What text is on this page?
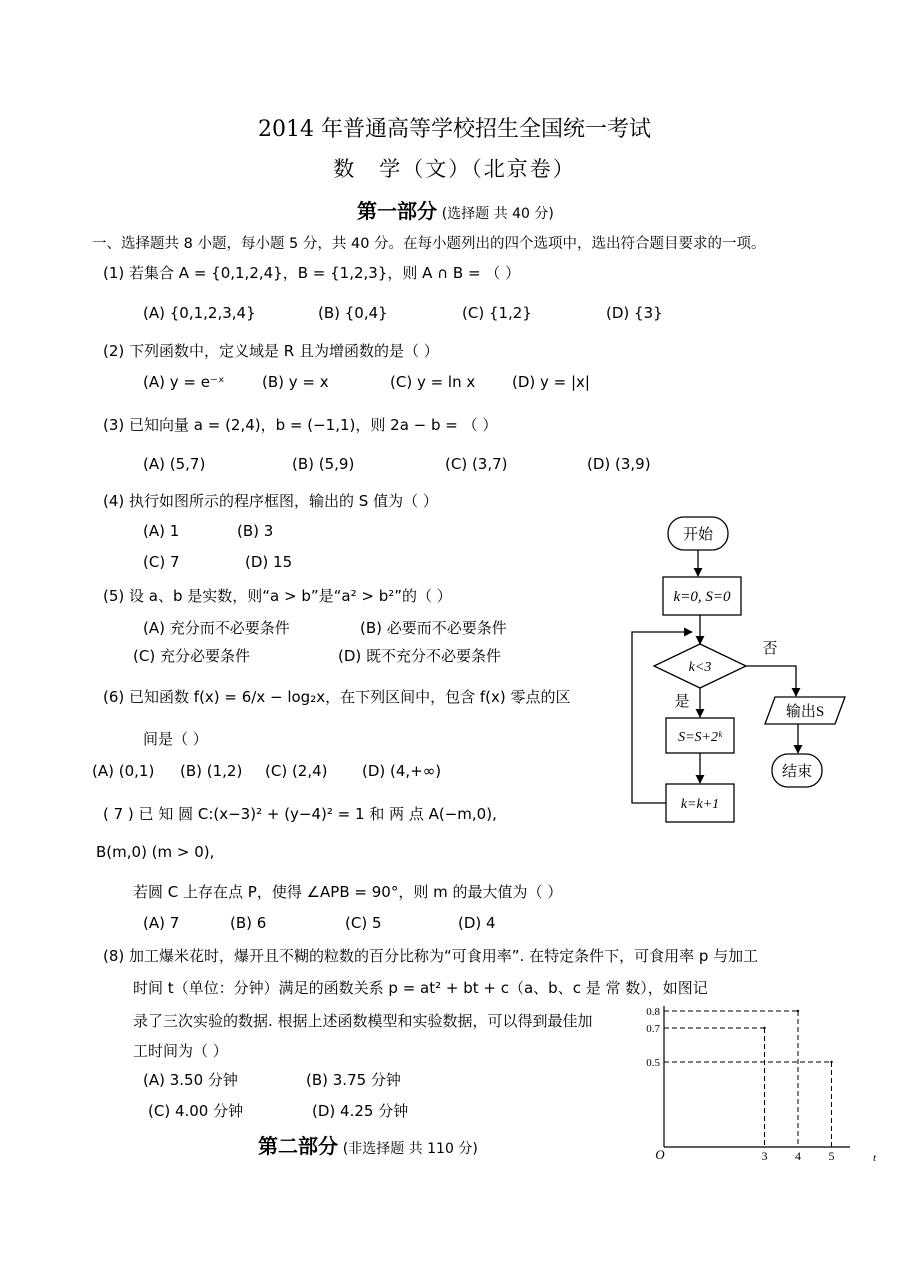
2014 年普通高等学校招生全国统一考试
数　学（文）（北京卷）
第一部分 (选择题 共 40 分)
一、选择题共 8 小题，每小题 5 分，共 40 分。在每小题列出的四个选项中，选出符合题目要求的一项。
(1) 若集合 A = {0,1,2,4}，B = {1,2,3}，则 A ∩ B = （ ）
(A) {0,1,2,3,4}	(B) {0,4}	(C) {1,2}	(D) {3}
(2) 下列函数中，定义域是 R 且为增函数的是（ ）
(A) y = e⁻ˣ (B) y = x	(C) y = ln x (D) y = |x|
(3) 已知向量 a = (2,4)，b = (−1,1)，则 2a − b = （ ）
(A) (5,7)	(B) (5,9)	(C) (3,7)	(D) (3,9)
(4) 执行如图所示的程序框图，输出的 S 值为（ ）
(A) 1	(B) 3
(C) 7	(D) 15
(5) 设 a、b 是实数，则“a > b”是“a² > b²”的（ ）
(A) 充分而不必要条件	(B) 必要而不必要条件
(C) 充分必要条件	(D) 既不充分不必要条件
(6) 已知函数 f(x) = 6/x − log₂x，在下列区间中，包含 f(x) 零点的区
间是（ ）
(A) (0,1) (B) (1,2) (C) (2,4) (D) (4,+∞)
( 7 ) 已 知 圆 C:(x−3)² + (y−4)² = 1 和 两 点 A(−m,0),
B(m,0) (m > 0),
若圆 C 上存在点 P，使得 ∠APB = 90°，则 m 的最大值为（ ）
(A) 7	(B) 6	(C) 5	(D) 4
(8) 加工爆米花时，爆开且不糊的粒数的百分比称为“可食用率”. 在特定条件下，可食用率 p 与加工
时间 t（单位：分钟）满足的函数关系 p = at² + bt + c（a、b、c 是 常 数），如图记
录了三次实验的数据. 根据上述函数模型和实验数据，可以得到最佳加
工时间为（ ）
(A) 3.50 分钟	(B) 3.75 分钟
(C) 4.00 分钟	(D) 4.25 分钟
第二部分 (非选择题 共 110 分)
开始
k=0, S=0
k<3
否
是
输出S
结束
S=S+2ᵏ
k=k+1
3 4 5
0.5
0.7
0.8
O	t
